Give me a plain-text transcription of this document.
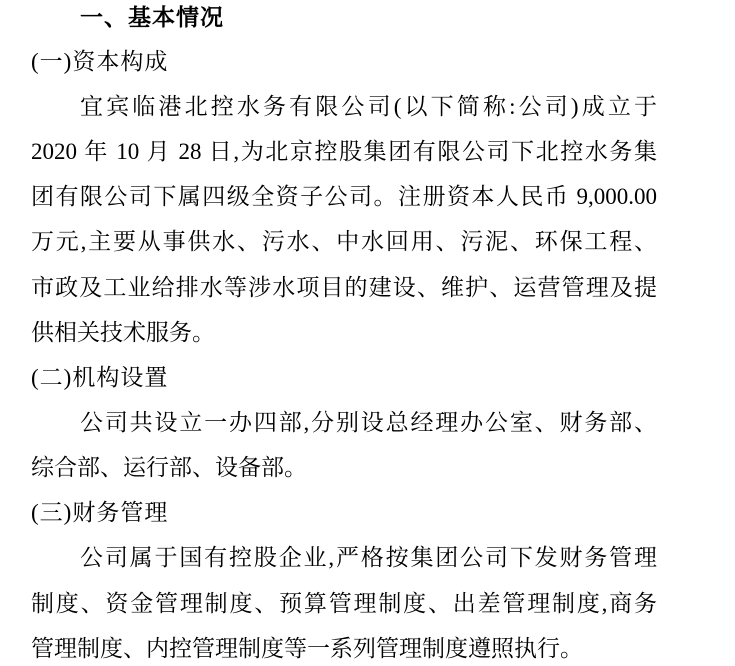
一、基本情况
(一)资本构成
宜宾临港北控水务有限公司(以下简称:公司)成立于
2020 年 10 月 28 日,为北京控股集团有限公司下北控水务集
团有限公司下属四级全资子公司。注册资本人民币 9,000.00
万元,主要从事供水、污水、中水回用、污泥、环保工程、
市政及工业给排水等涉水项目的建设、维护、运营管理及提
供相关技术服务。
(二)机构设置
公司共设立一办四部,分别设总经理办公室、财务部、
综合部、运行部、设备部。
(三)财务管理
公司属于国有控股企业,严格按集团公司下发财务管理
制度、资金管理制度、预算管理制度、出差管理制度,商务
管理制度、内控管理制度等一系列管理制度遵照执行。
